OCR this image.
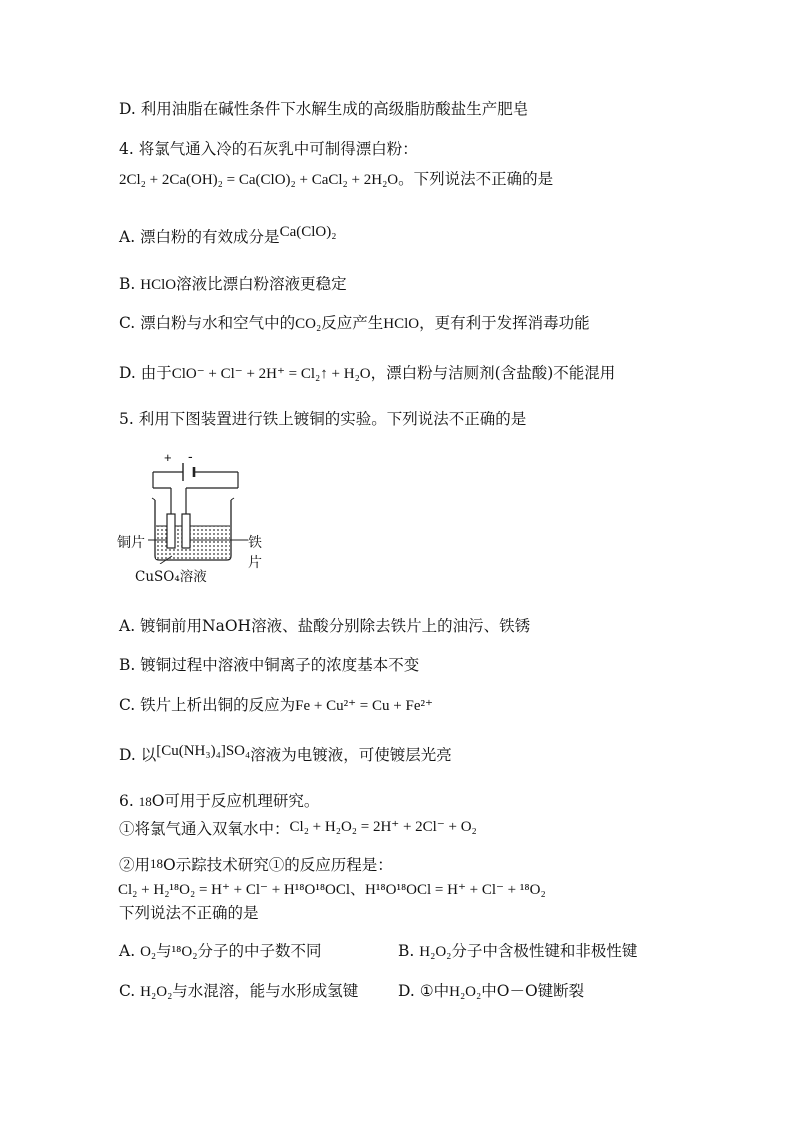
D. 利用油脂在碱性条件下水解生成的高级脂肪酸盐生产肥皂
4. 将氯气通入冷的石灰乳中可制得漂白粉：
2Cl₂ + 2Ca(OH)₂ = Ca(ClO)₂ + CaCl₂ + 2H₂O。下列说法不正确的是
A. 漂白粉的有效成分是Ca(ClO)₂
B. HClO溶液比漂白粉溶液更稳定
C. 漂白粉与水和空气中的CO₂反应产生HClO，更有利于发挥消毒功能
D. 由于ClO⁻ + Cl⁻ + 2H⁺ = Cl₂↑ + H₂O，漂白粉与洁厕剂(含盐酸)不能混用
5. 利用下图装置进行铁上镀铜的实验。下列说法不正确的是
+ -
铜片	铁片
CuSO₄溶液
A. 镀铜前用NaOH溶液、盐酸分别除去铁片上的油污、铁锈
B. 镀铜过程中溶液中铜离子的浓度基本不变
C. 铁片上析出铜的反应为Fe + Cu²⁺ = Cu + Fe²⁺
D. 以[Cu(NH₃)₄]SO₄溶液为电镀液，可使镀层光亮
6. 18O可用于反应机理研究。
①将氯气通入双氧水中：Cl₂ + H₂O₂ = 2H⁺ + 2Cl⁻ + O₂
②用18O示踪技术研究①的反应历程是：
Cl₂ + H₂¹⁸O₂ = H⁺ + Cl⁻ + H¹⁸O¹⁸OCl、H¹⁸O¹⁸OCl = H⁺ + Cl⁻ + ¹⁸O₂
下列说法不正确的是
A. O₂与¹⁸O₂分子的中子数不同	B. H₂O₂分子中含极性键和非极性键
C. H₂O₂与水混溶，能与水形成氢键	D. ①中H₂O₂中O－O键断裂
